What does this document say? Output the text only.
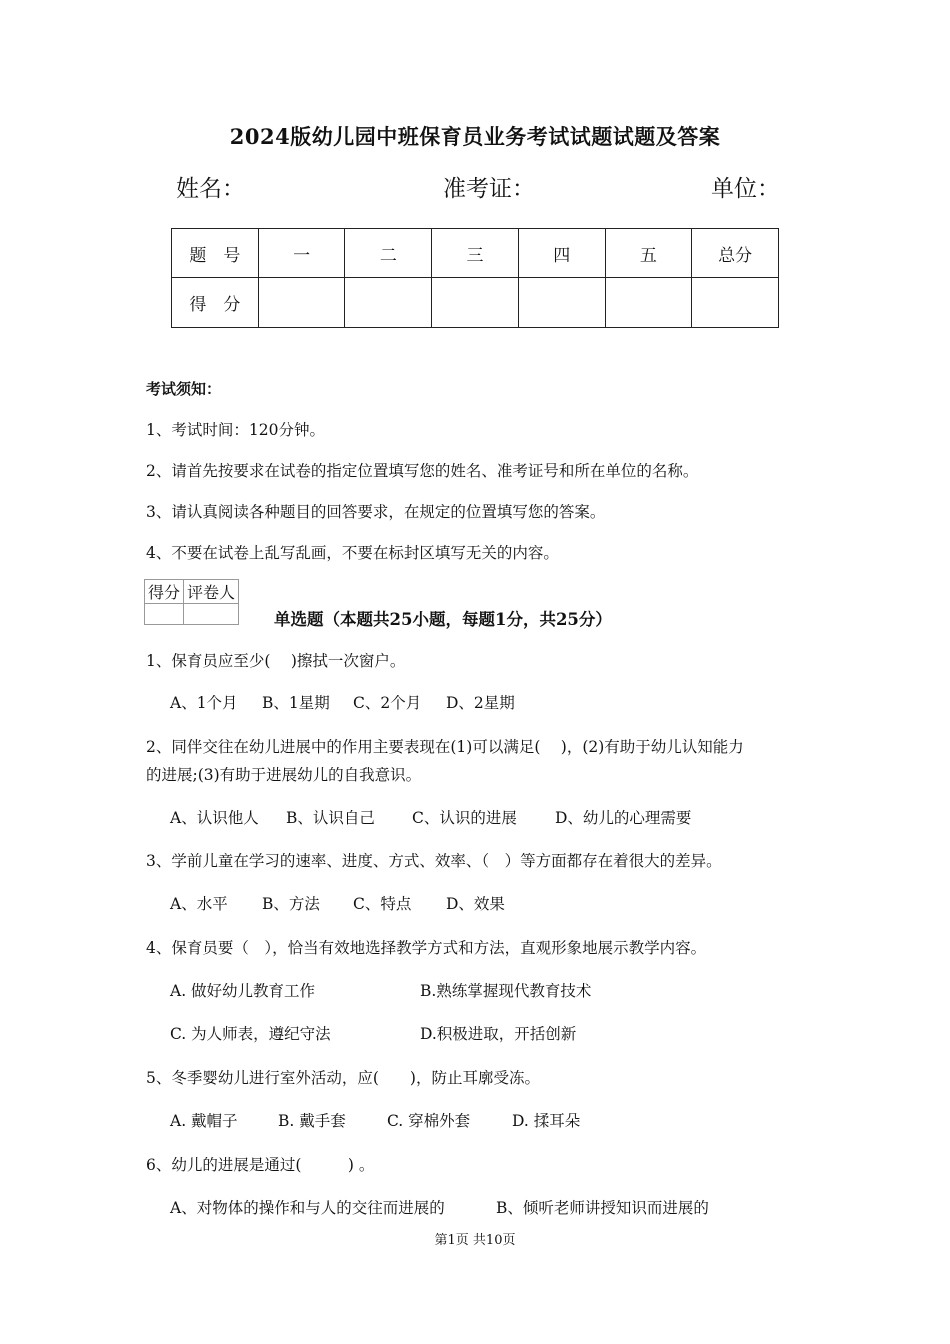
2024版幼儿园中班保育员业务考试试题试题及答案
姓名：	准考证：	单位：
题　号	一	二	三	四	五	总分
得　分						
考试须知：
1、考试时间：120分钟。
2、请首先按要求在试卷的指定位置填写您的姓名、准考证号和所在单位的名称。
3、请认真阅读各种题目的回答要求，在规定的位置填写您的答案。
4、不要在试卷上乱写乱画，不要在标封区填写无关的内容。
得分	评卷人

单选题（本题共25小题，每题1分，共25分）
1、保育员应至少(　 )擦拭一次窗户。
A、1个月 B、1星期 C、2个月 D、2星期
2、同伴交往在幼儿进展中的作用主要表现在(1)可以满足(　 )，(2)有助于幼儿认知能力
的进展;(3)有助于进展幼儿的自我意识。
A、认识他人 B、认识自己 C、认识的进展 D、幼儿的心理需要
3、学前儿童在学习的速率、进度、方式、效率、（　）等方面都存在着很大的差异。
A、水平 B、方法 C、特点 D、效果
4、保育员要（　），恰当有效地选择教学方式和方法，直观形象地展示教学内容。
A. 做好幼儿教育工作	B.熟练掌握现代教育技术
C. 为人师表，遵纪守法	D.积极进取，开括创新
5、冬季婴幼儿进行室外活动，应(　　)，防止耳廓受冻。
A. 戴帽子	B. 戴手套	C. 穿棉外套	D. 揉耳朵
6、幼儿的进展是通过(　　　) 。
A、对物体的操作和与人的交往而进展的	B、倾听老师讲授知识而进展的
第1页 共10页
